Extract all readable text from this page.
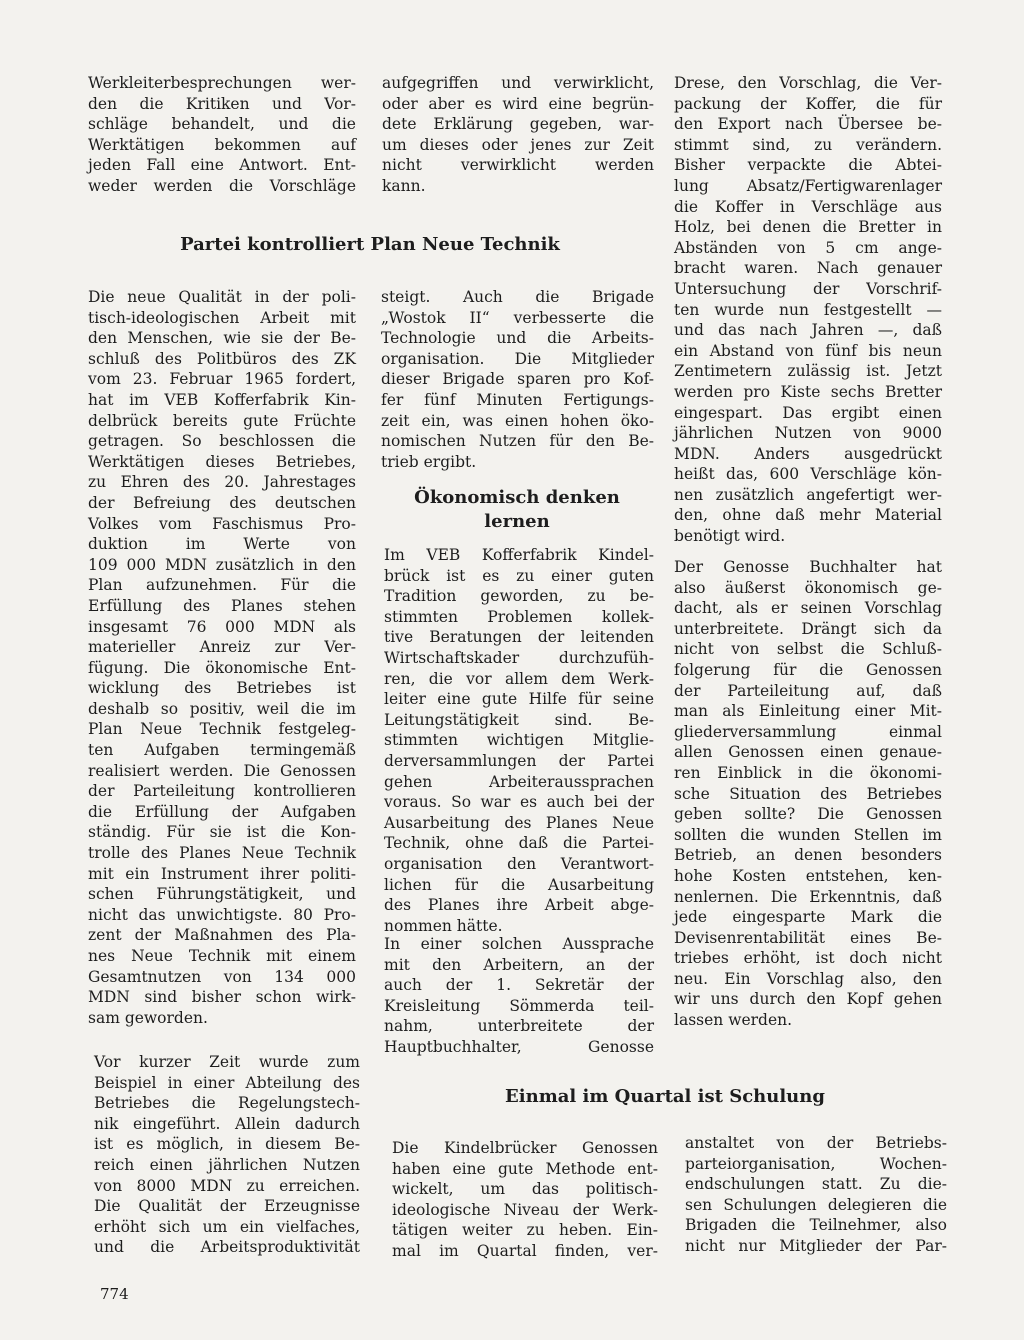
Werkleiterbesprechungen wer-
den die Kritiken und Vor-
schläge behandelt, und die
Werktätigen bekommen auf
jeden Fall eine Antwort. Ent-
weder werden die Vorschläge
aufgegriffen und verwirklicht,
oder aber es wird eine begrün-
dete Erklärung gegeben, war-
um dieses oder jenes zur Zeit
nicht verwirklicht werden
kann.
Partei kontrolliert Plan Neue Technik
Die neue Qualität in der poli-
tisch-ideologischen Arbeit mit
den Menschen, wie sie der Be-
schluß des Politbüros des ZK
vom 23. Februar 1965 fordert,
hat im VEB Kofferfabrik Kin-
delbrück bereits gute Früchte
getragen. So beschlossen die
Werktätigen dieses Betriebes,
zu Ehren des 20. Jahrestages
der Befreiung des deutschen
Volkes vom Faschismus Pro-
duktion im Werte von
109 000 MDN zusätzlich in den
Plan aufzunehmen. Für die
Erfüllung des Planes stehen
insgesamt 76 000 MDN als
materieller Anreiz zur Ver-
fügung. Die ökonomische Ent-
wicklung des Betriebes ist
deshalb so positiv, weil die im
Plan Neue Technik festgeleg-
ten Aufgaben termingemäß
realisiert werden. Die Genossen
der Parteileitung kontrollieren
die Erfüllung der Aufgaben
ständig. Für sie ist die Kon-
trolle des Planes Neue Technik
mit ein Instrument ihrer politi-
schen Führungstätigkeit, und
nicht das unwichtigste. 80 Pro-
zent der Maßnahmen des Pla-
nes Neue Technik mit einem
Gesamtnutzen von 134 000
MDN sind bisher schon wirk-
sam geworden.
Vor kurzer Zeit wurde zum
Beispiel in einer Abteilung des
Betriebes die Regelungstech-
nik eingeführt. Allein dadurch
ist es möglich, in diesem Be-
reich einen jährlichen Nutzen
von 8000 MDN zu erreichen.
Die Qualität der Erzeugnisse
erhöht sich um ein vielfaches,
und die Arbeitsproduktivität
steigt. Auch die Brigade
„Wostok II“ verbesserte die
Technologie und die Arbeits-
organisation. Die Mitglieder
dieser Brigade sparen pro Kof-
fer fünf Minuten Fertigungs-
zeit ein, was einen hohen öko-
nomischen Nutzen für den Be-
trieb ergibt.
Ökonomisch denken
lernen
Im VEB Kofferfabrik Kindel-
brück ist es zu einer guten
Tradition geworden, zu be-
stimmten Problemen kollek-
tive Beratungen der leitenden
Wirtschaftskader durchzufüh-
ren, die vor allem dem Werk-
leiter eine gute Hilfe für seine
Leitungstätigkeit sind. Be-
stimmten wichtigen Mitglie-
derversammlungen der Partei
gehen Arbeiteraussprachen
voraus. So war es auch bei der
Ausarbeitung des Planes Neue
Technik, ohne daß die Partei-
organisation den Verantwort-
lichen für die Ausarbeitung
des Planes ihre Arbeit abge-
nommen hätte.
In einer solchen Aussprache
mit den Arbeitern, an der
auch der 1. Sekretär der
Kreisleitung Sömmerda teil-
nahm, unterbreitete der
Hauptbuchhalter, Genosse
Drese, den Vorschlag, die Ver-
packung der Koffer, die für
den Export nach Übersee be-
stimmt sind, zu verändern.
Bisher verpackte die Abtei-
lung Absatz/Fertigwarenlager
die Koffer in Verschläge aus
Holz, bei denen die Bretter in
Abständen von 5 cm ange-
bracht waren. Nach genauer
Untersuchung der Vorschrif-
ten wurde nun festgestellt —
und das nach Jahren —, daß
ein Abstand von fünf bis neun
Zentimetern zulässig ist. Jetzt
werden pro Kiste sechs Bretter
eingespart. Das ergibt einen
jährlichen Nutzen von 9000
MDN. Anders ausgedrückt
heißt das, 600 Verschläge kön-
nen zusätzlich angefertigt wer-
den, ohne daß mehr Material
benötigt wird.
Der Genosse Buchhalter hat
also äußerst ökonomisch ge-
dacht, als er seinen Vorschlag
unterbreitete. Drängt sich da
nicht von selbst die Schluß-
folgerung für die Genossen
der Parteileitung auf, daß
man als Einleitung einer Mit-
gliederversammlung einmal
allen Genossen einen genaue-
ren Einblick in die ökonomi-
sche Situation des Betriebes
geben sollte? Die Genossen
sollten die wunden Stellen im
Betrieb, an denen besonders
hohe Kosten entstehen, ken-
nenlernen. Die Erkenntnis, daß
jede eingesparte Mark die
Devisenrentabilität eines Be-
triebes erhöht, ist doch nicht
neu. Ein Vorschlag also, den
wir uns durch den Kopf gehen
lassen werden.
Einmal im Quartal ist Schulung
Die Kindelbrücker Genossen
haben eine gute Methode ent-
wickelt, um das politisch-
ideologische Niveau der Werk-
tätigen weiter zu heben. Ein-
mal im Quartal finden, ver-
anstaltet von der Betriebs-
parteiorganisation, Wochen-
endschulungen statt. Zu die-
sen Schulungen delegieren die
Brigaden die Teilnehmer, also
nicht nur Mitglieder der Par-
774
